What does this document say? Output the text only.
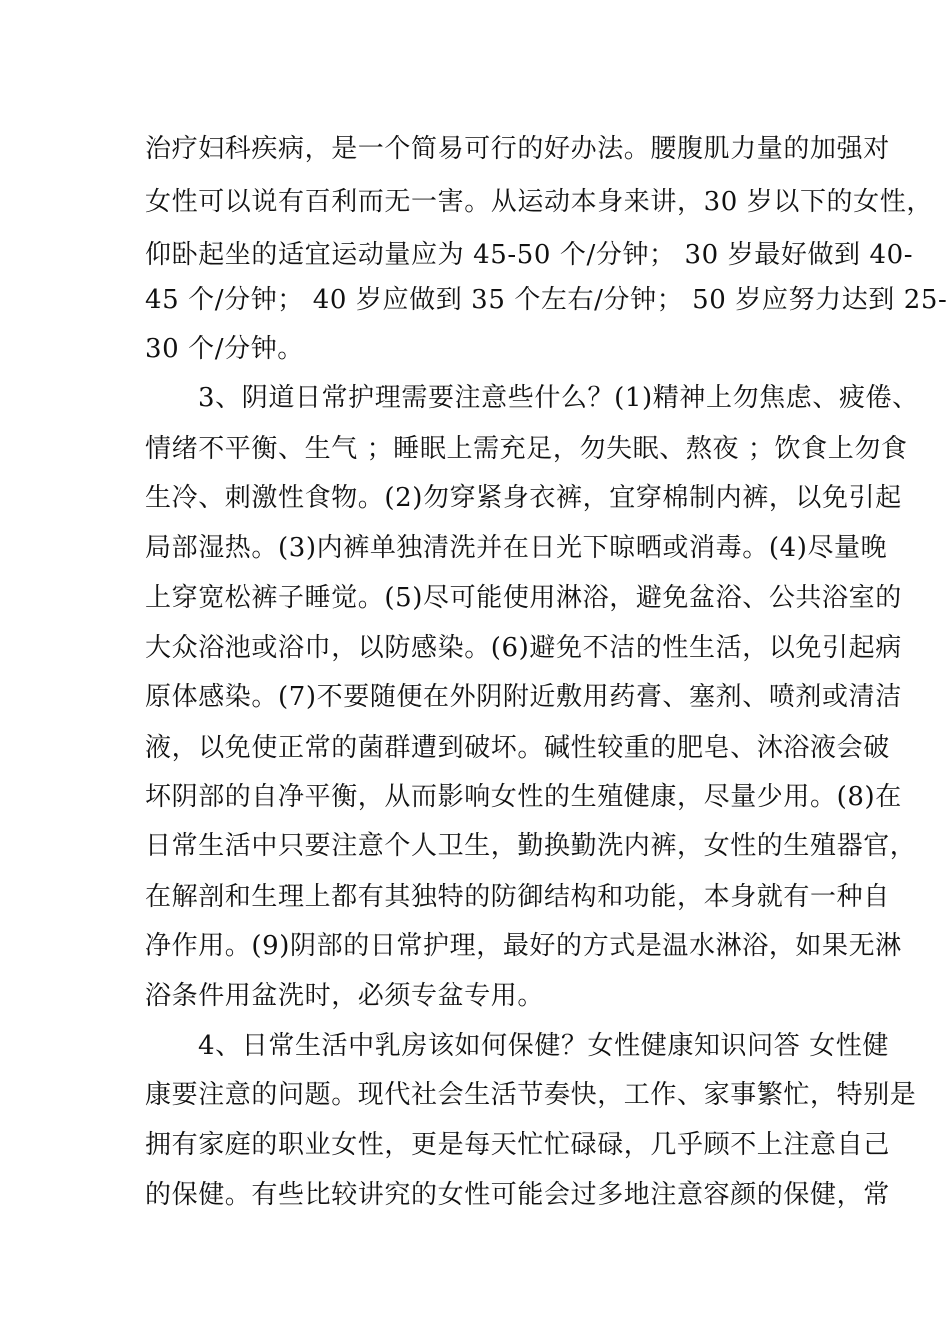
治疗妇科疾病，是一个简易可行的好办法。腰腹肌力量的加强对
女性可以说有百利而无一害。从运动本身来讲，30 岁以下的女性，
仰卧起坐的适宜运动量应为 45-50 个/分钟； 30 岁最好做到 40-
45 个/分钟； 40 岁应做到 35 个左右/分钟； 50 岁应努力达到 25-
30 个/分钟。
3、阴道日常护理需要注意些什么？(1)精神上勿焦虑、疲倦、
情绪不平衡、生气 ；睡眠上需充足，勿失眠、熬夜 ；饮食上勿食
生冷、刺激性食物。(2)勿穿紧身衣裤，宜穿棉制内裤，以免引起
局部湿热。(3)内裤单独清洗并在日光下晾晒或消毒。(4)尽量晚
上穿宽松裤子睡觉。(5)尽可能使用淋浴，避免盆浴、公共浴室的
大众浴池或浴巾，以防感染。(6)避免不洁的性生活，以免引起病
原体感染。(7)不要随便在外阴附近敷用药膏、塞剂、喷剂或清洁
液，以免使正常的菌群遭到破坏。碱性较重的肥皂、沐浴液会破
坏阴部的自净平衡，从而影响女性的生殖健康，尽量少用。(8)在
日常生活中只要注意个人卫生，勤换勤洗内裤，女性的生殖器官，
在解剖和生理上都有其独特的防御结构和功能，本身就有一种自
净作用。(9)阴部的日常护理，最好的方式是温水淋浴，如果无淋
浴条件用盆洗时，必须专盆专用。
4、日常生活中乳房该如何保健？女性健康知识问答 女性健
康要注意的问题。现代社会生活节奏快，工作、家事繁忙，特别是
拥有家庭的职业女性，更是每天忙忙碌碌，几乎顾不上注意自己
的保健。有些比较讲究的女性可能会过多地注意容颜的保健，常
